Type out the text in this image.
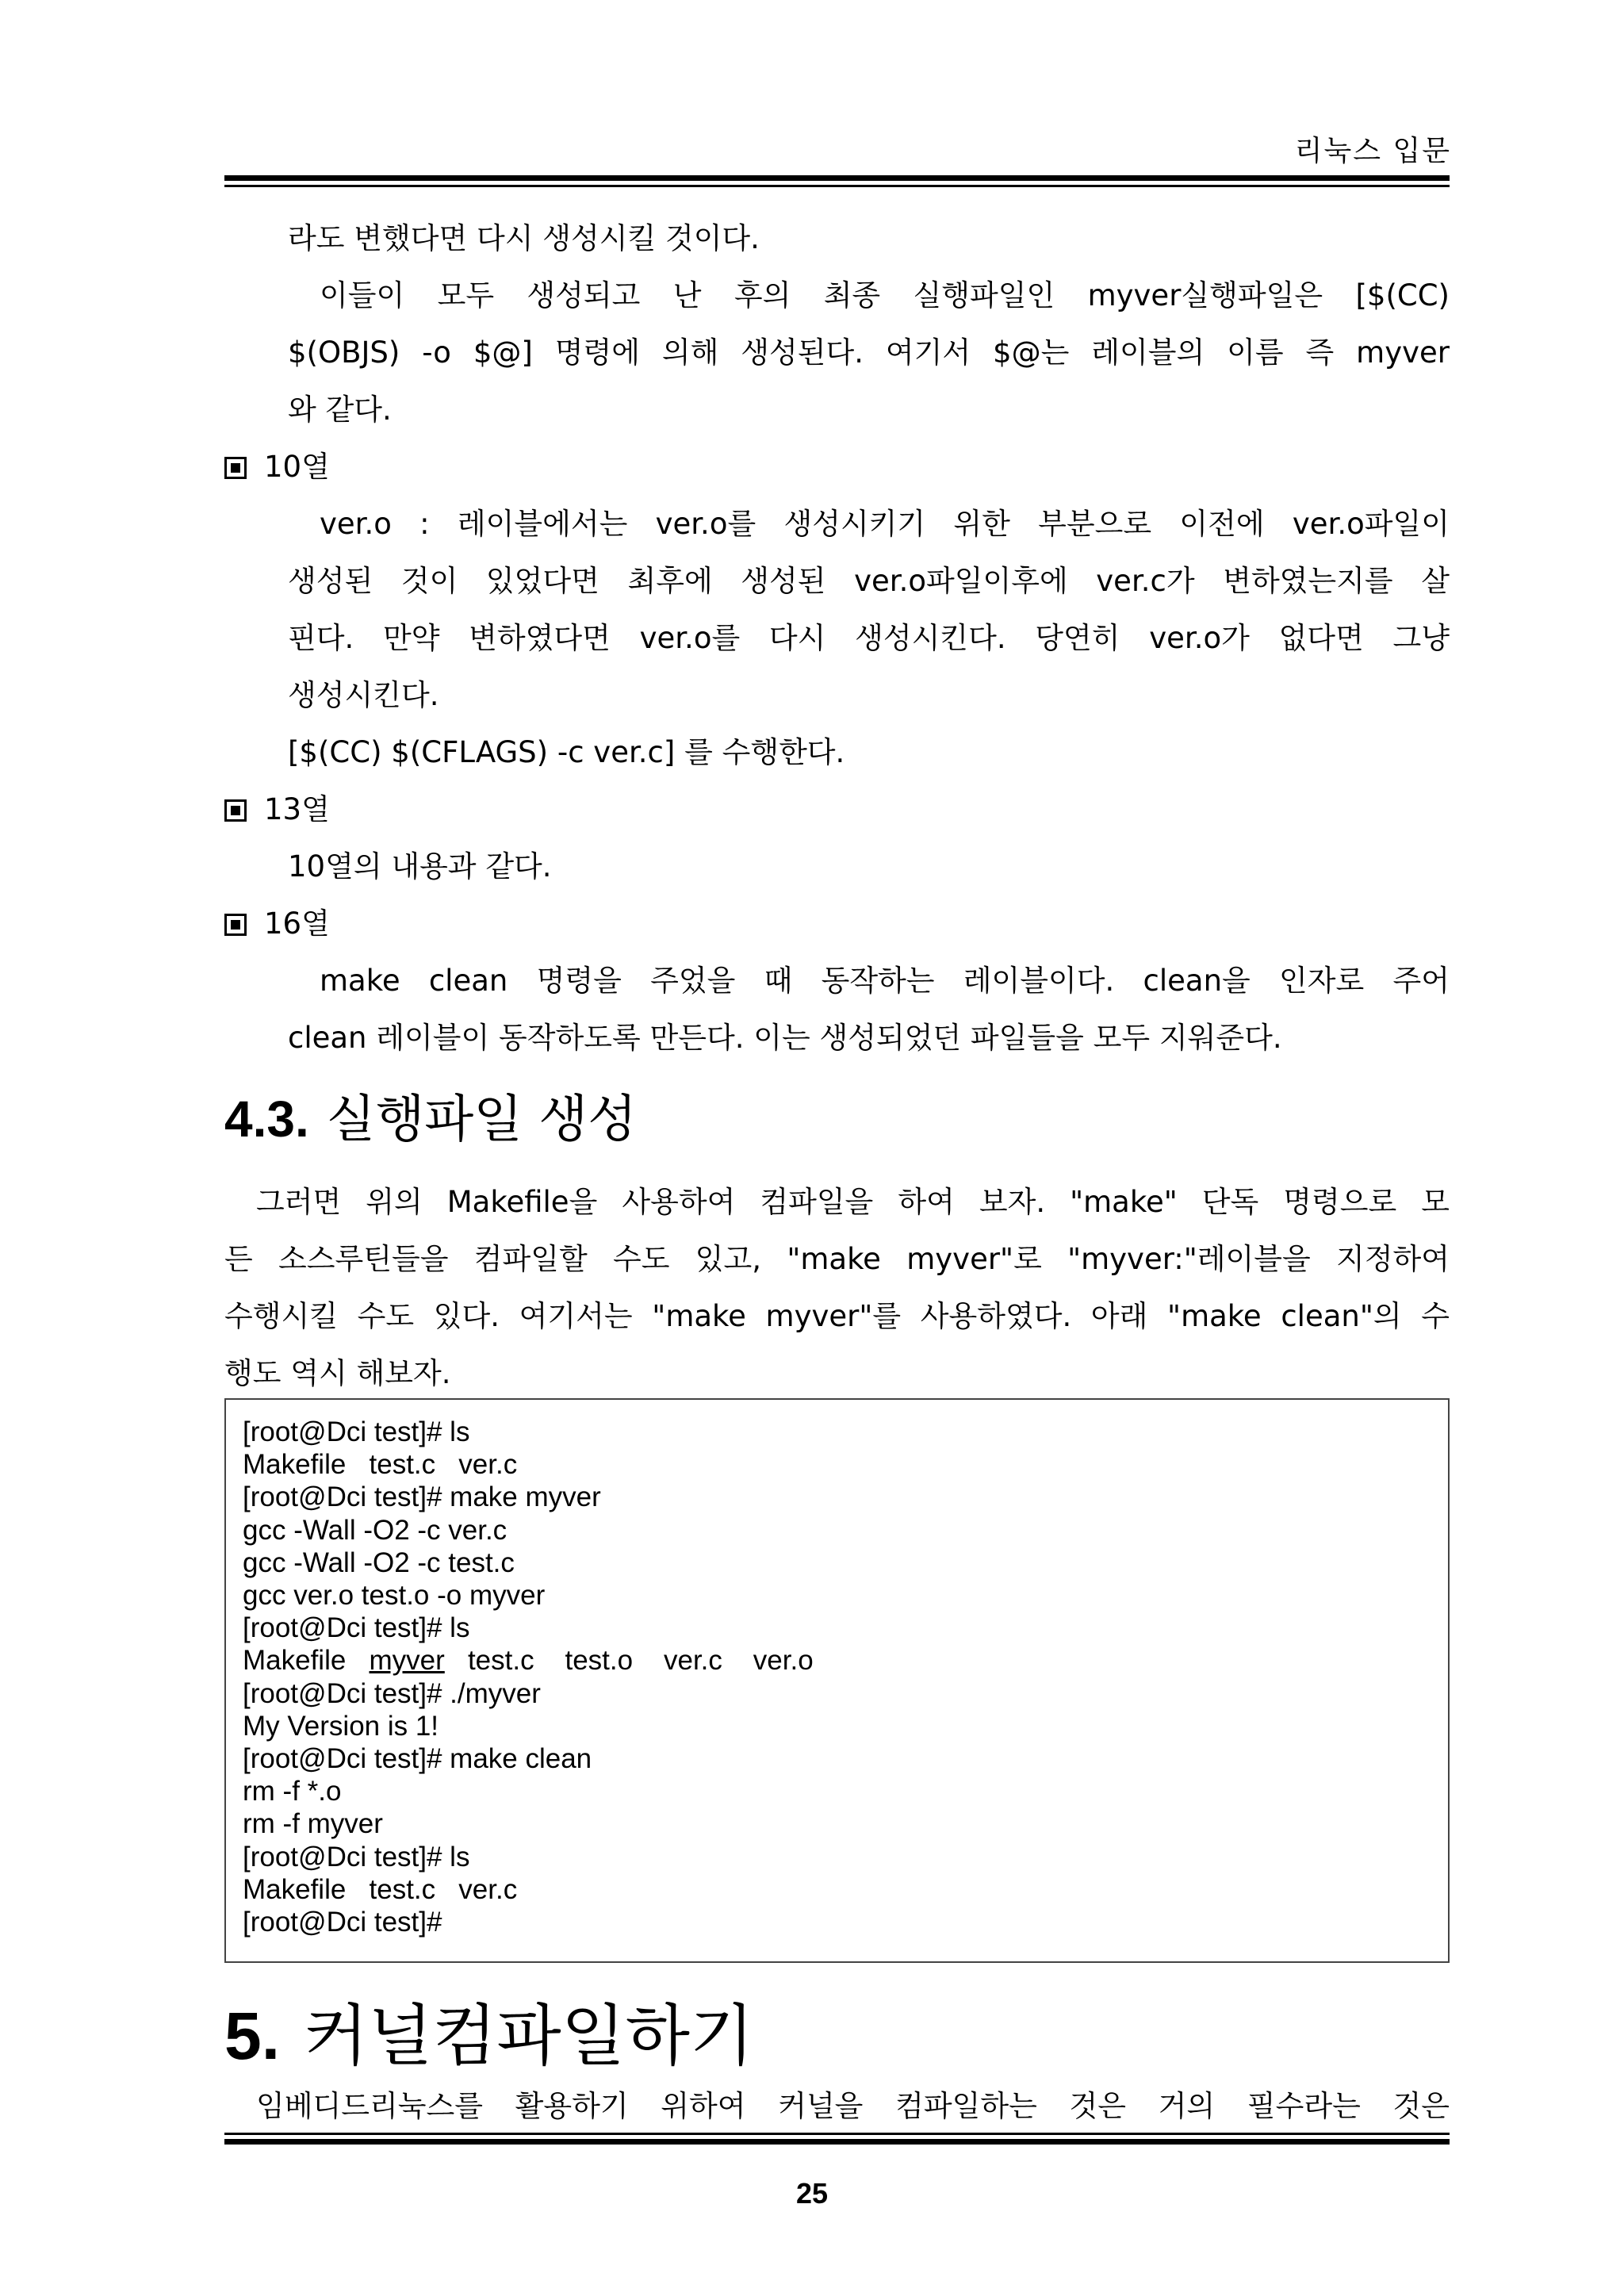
리눅스 입문
라도 변했다면 다시 생성시킬 것이다.
이들이 모두 생성되고 난 후의 최종 실행파일인 myver실행파일은 [$(CC)
$(OBJS) -o $@] 명령에 의해 생성된다. 여기서 $@는 레이블의 이름 즉 myver
와 같다.
10열
ver.o : 레이블에서는 ver.o를 생성시키기 위한 부분으로 이전에 ver.o파일이
생성된 것이 있었다면 최후에 생성된 ver.o파일이후에 ver.c가 변하였는지를 살
핀다. 만약 변하였다면 ver.o를 다시 생성시킨다. 당연히 ver.o가 없다면 그냥
생성시킨다.
[$(CC) $(CFLAGS) -c ver.c] 를 수행한다.
13열
10열의 내용과 같다.
16열
make clean 명령을 주었을 때 동작하는 레이블이다. clean을 인자로 주어
clean 레이블이 동작하도록 만든다. 이는 생성되었던 파일들을 모두 지워준다.
4.3. 실행파일 생성
그러면 위의 Makefile을 사용하여 컴파일을 하여 보자. "make" 단독 명령으로 모
든 소스루틴들을 컴파일할 수도 있고, "make myver"로 "myver:"레이블을 지정하여
수행시킬 수도 있다. 여기서는 "make myver"를 사용하였다. 아래 "make clean"의 수
행도 역시 해보자.
[root@Dci test]# ls
Makefile   test.c   ver.c
[root@Dci test]# make myver
gcc -Wall -O2 -c ver.c
gcc -Wall -O2 -c test.c
gcc ver.o test.o -o myver
[root@Dci test]# ls
Makefile   myver   test.c    test.o    ver.c    ver.o
[root@Dci test]# ./myver
My Version is 1!
[root@Dci test]# make clean
rm -f *.o
rm -f myver
[root@Dci test]# ls
Makefile   test.c   ver.c
[root@Dci test]#
5. 커널컴파일하기
임베디드리눅스를 활용하기 위하여 커널을 컴파일하는 것은 거의 필수라는 것은
25
